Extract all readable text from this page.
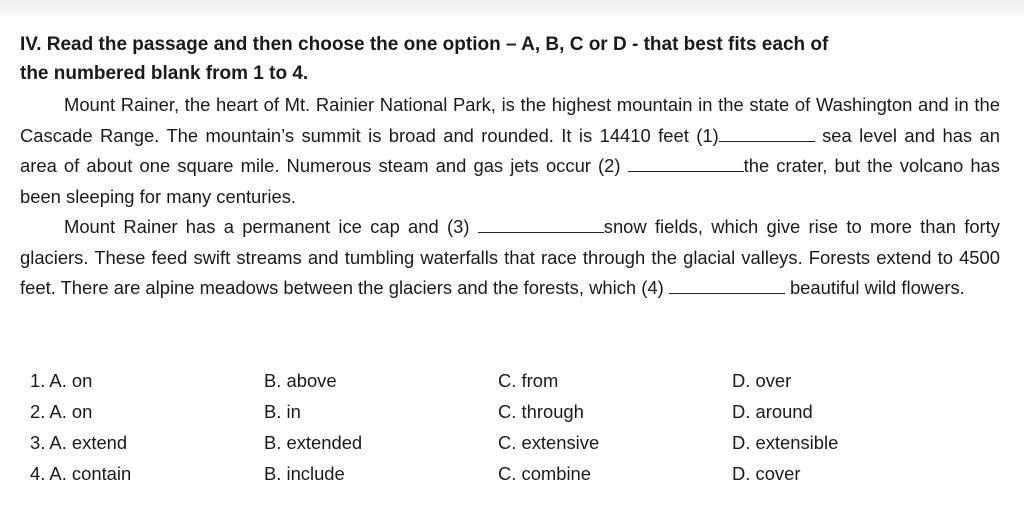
IV. Read the passage and then choose the one option – A, B, C or D - that best fits each of
the numbered blank from 1 to 4.

Mount Rainer, the heart of Mt. Rainier National Park, is the highest mountain in the state of Washington and in the Cascade Range. The mountain’s summit is broad and rounded. It is 14410 feet (1)	sea level and has an area of about one square mile. Numerous steam and gas jets occur (2)	the crater, but the volcano has been sleeping for many centuries.

Mount Rainer has a permanent ice cap and (3)	snow fields, which give rise to more than forty glaciers. These feed swift streams and tumbling waterfalls that race through the glacial valleys. Forests extend to 4500 feet. There are alpine meadows between the glaciers and the forests, which (4)	beautiful wild flowers.

1. A. on	B. above	C. from	D. over
2. A. on	B. in	C. through	D. around
3. A. extend	B. extended	C. extensive	D. extensible
4. A. contain	B. include	C. combine	D. cover
